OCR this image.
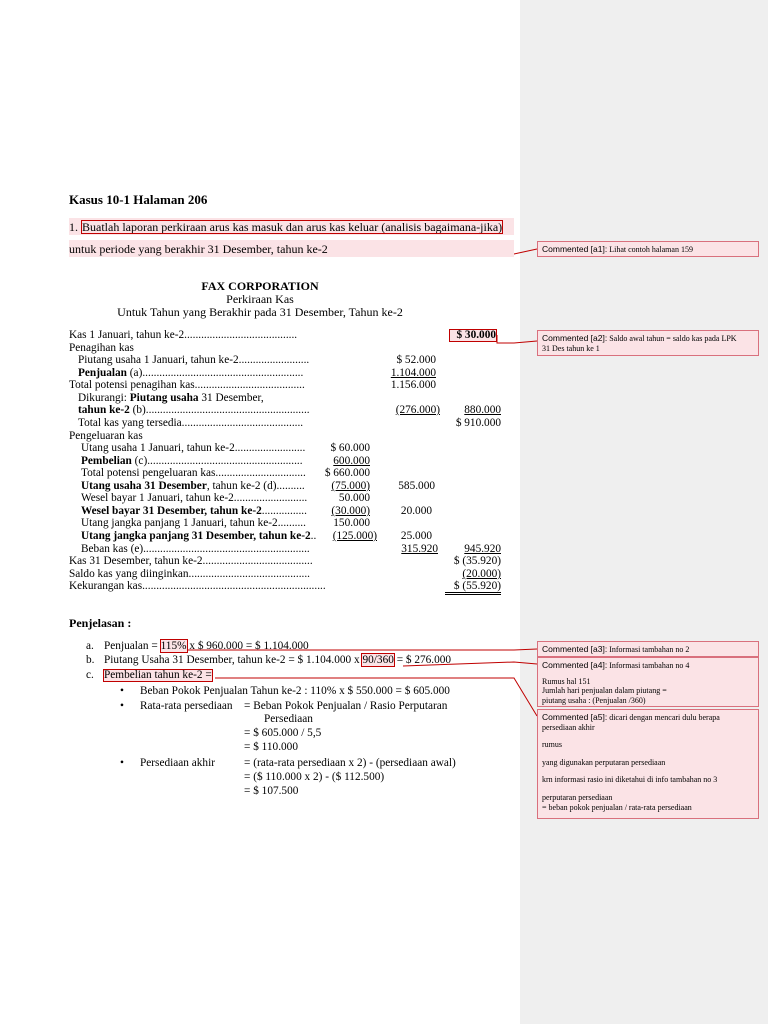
Kasus 10-1 Halaman 206
1. Buatlah laporan perkiraan arus kas masuk dan arus kas keluar (analisis bagaimana-jika)
untuk periode yang berakhir 31 Desember, tahun ke-2
FAX CORPORATION
Perkiraan Kas
Untuk Tahun yang Berakhir pada 31 Desember, Tahun ke-2
Kas 1 Januari, tahun ke-2........................................	$ 30.000
Penagihan kas
Piutang usaha 1 Januari, tahun ke-2.........................	$ 52.000
Penjualan (a).........................................................	1.104.000
Total potensi penagihan kas.......................................	1.156.000
Dikurangi: Piutang usaha 31 Desember,
tahun ke-2 (b)..........................................................	(276.000)	880.000
Total kas yang tersedia...........................................	$ 910.000
Pengeluaran kas
Utang usaha 1 Januari, tahun ke-2.........................	$ 60.000
Pembelian (c).......................................................	600.000
Total potensi pengeluaran kas................................	$ 660.000
Utang usaha 31 Desember, tahun ke-2 (d)..........	(75.000)	585.000
Wesel bayar 1 Januari, tahun ke-2..........................	50.000
Wesel bayar 31 Desember, tahun ke-2................	(30.000)	20.000
Utang jangka panjang 1 Januari, tahun ke-2..........	150.000
Utang jangka panjang 31 Desember, tahun ke-2..	(125.000)	25.000
Beban kas (e)...........................................................	315.920	945.920
Kas 31 Desember, tahun ke-2.......................................	$ (35.920)
Saldo kas yang diinginkan...........................................	(20.000)
Kekurangan kas.................................................................	$ (55.920)
Penjelasan :
a. Penjualan = 115% x $ 960.000 = $ 1.104.000
b. Piutang Usaha 31 Desember, tahun ke-2 = $ 1.104.000 x 90/360 = $ 276.000
c. Pembelian tahun ke-2 =
• Beban Pokok Penjualan Tahun ke-2 : 110% x $ 550.000 = $ 605.000
• Rata-rata persediaan = Beban Pokok Penjualan / Rasio Perputaran
Persediaan
= $ 605.000 / 5,5
= $ 110.000
• Persediaan akhir	= (rata-rata persediaan x 2) - (persediaan awal)
= ($ 110.000 x 2) - ($ 112.500)
= $ 107.500
Commented [a1]: Lihat contoh halaman 159
Commented [a2]: Saldo awal tahun = saldo kas pada LPK
31 Des tahun ke 1
Commented [a3]: Informasi tambahan no 2
Commented [a4]: Informasi tambahan no 4

Rumus hal 151
Jumlah hari penjualan dalam piutang =
piutang usaha : (Penjualan /360)
Commented [a5]: dicari dengan mencari dulu berapa
persediaan akhir

rumus

yang digunakan perputaran persediaan

krn informasi rasio ini diketahui di info tambahan no 3

perputaran persediaan
= beban pokok penjualan / rata-rata persediaan
